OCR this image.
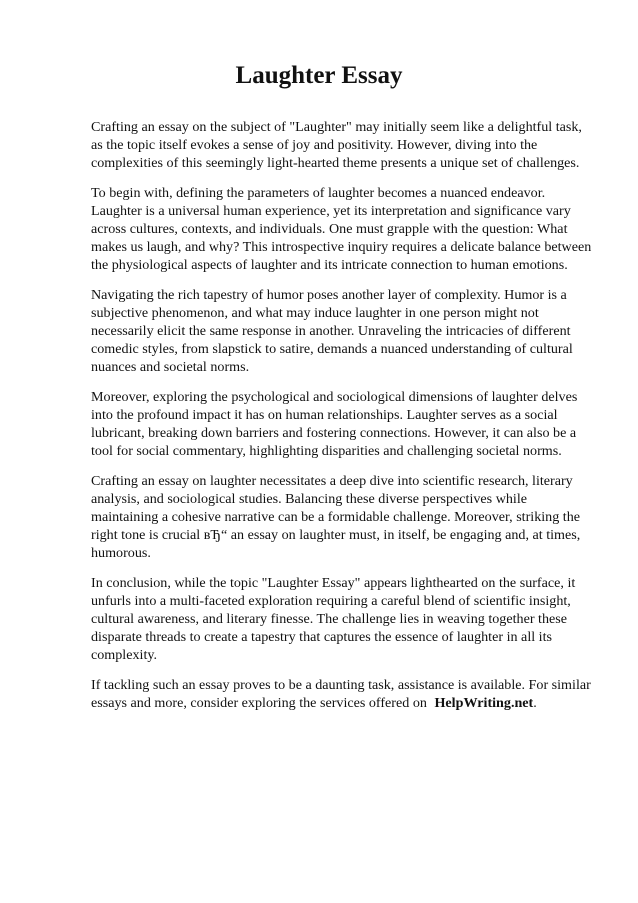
Laughter Essay

Crafting an essay on the subject of "Laughter" may initially seem like a delightful task, as the topic itself evokes a sense of joy and positivity. However, diving into the complexities of this seemingly light-hearted theme presents a unique set of challenges.

To begin with, defining the parameters of laughter becomes a nuanced endeavor. Laughter is a universal human experience, yet its interpretation and significance vary across cultures, contexts, and individuals. One must grapple with the question: What makes us laugh, and why? This introspective inquiry requires a delicate balance between the physiological aspects of laughter and its intricate connection to human emotions.

Navigating the rich tapestry of humor poses another layer of complexity. Humor is a subjective phenomenon, and what may induce laughter in one person might not necessarily elicit the same response in another. Unraveling the intricacies of different comedic styles, from slapstick to satire, demands a nuanced understanding of cultural nuances and societal norms.

Moreover, exploring the psychological and sociological dimensions of laughter delves into the profound impact it has on human relationships. Laughter serves as a social lubricant, breaking down barriers and fostering connections. However, it can also be a tool for social commentary, highlighting disparities and challenging societal norms.

Crafting an essay on laughter necessitates a deep dive into scientific research, literary analysis, and sociological studies. Balancing these diverse perspectives while maintaining a cohesive narrative can be a formidable challenge. Moreover, striking the right tone is crucial вЂ“ an essay on laughter must, in itself, be engaging and, at times, humorous.

In conclusion, while the topic "Laughter Essay" appears lighthearted on the surface, it unfurls into a multi-faceted exploration requiring a careful blend of scientific insight, cultural awareness, and literary finesse. The challenge lies in weaving together these disparate threads to create a tapestry that captures the essence of laughter in all its complexity.

If tackling such an essay proves to be a daunting task, assistance is available. For similar essays and more, consider exploring the services offered on HelpWriting.net.
